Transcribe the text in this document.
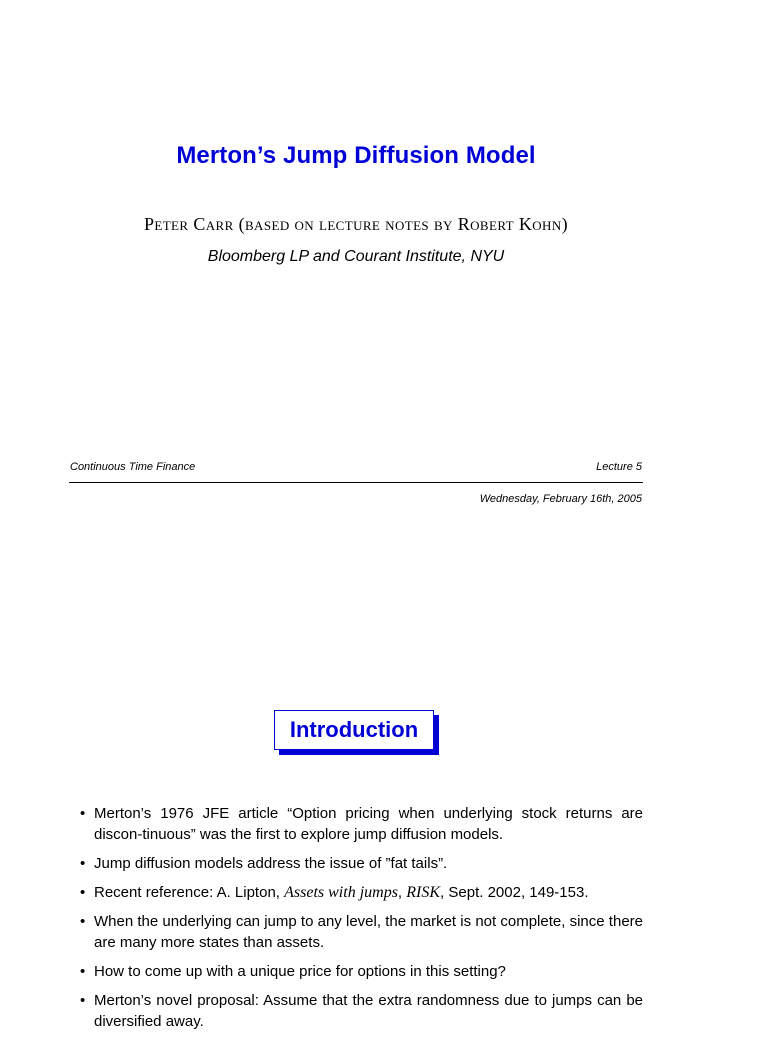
Merton’s Jump Diffusion Model
Peter Carr (based on lecture notes by Robert Kohn)
Bloomberg LP and Courant Institute, NYU
Continuous Time Finance	Lecture 5
Wednesday, February 16th, 2005
Introduction
• Merton’s 1976 JFE article “Option pricing when underlying stock returns are discon-tinuous” was the first to explore jump diffusion models.
• Jump diffusion models address the issue of ”fat tails”.
• Recent reference: A. Lipton, Assets with jumps, RISK, Sept. 2002, 149-153.
• When the underlying can jump to any level, the market is not complete, since there are many more states than assets.
• How to come up with a unique price for options in this setting?
• Merton’s novel proposal: Assume that the extra randomness due to jumps can be diversified away.
